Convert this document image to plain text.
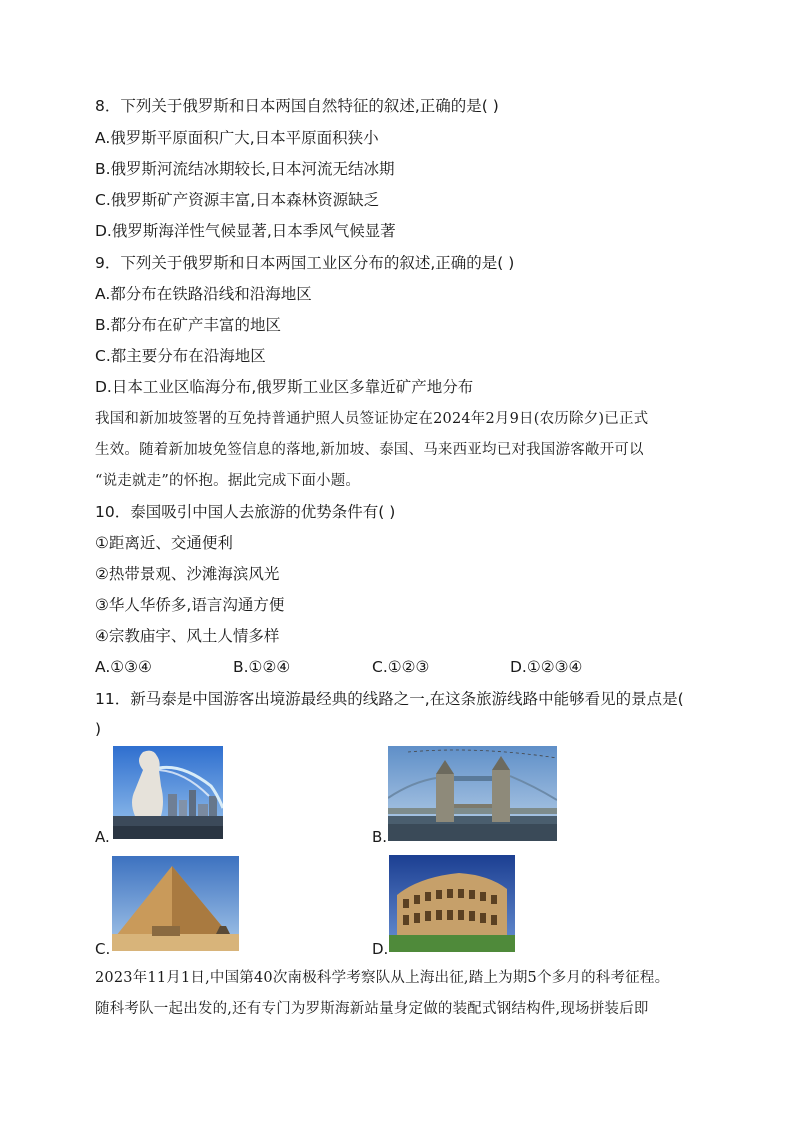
8．下列关于俄罗斯和日本两国自然特征的叙述,正确的是( )
A.俄罗斯平原面积广大,日本平原面积狭小
B.俄罗斯河流结冰期较长,日本河流无结冰期
C.俄罗斯矿产资源丰富,日本森林资源缺乏
D.俄罗斯海洋性气候显著,日本季风气候显著
9．下列关于俄罗斯和日本两国工业区分布的叙述,正确的是( )
A.都分布在铁路沿线和沿海地区
B.都分布在矿产丰富的地区
C.都主要分布在沿海地区
D.日本工业区临海分布,俄罗斯工业区多靠近矿产地分布
我国和新加坡签署的互免持普通护照人员签证协定在2024年2月9日(农历除夕)已正式
生效。随着新加坡免签信息的落地,新加坡、泰国、马来西亚均已对我国游客敞开可以
“说走就走”的怀抱。据此完成下面小题。
10．泰国吸引中国人去旅游的优势条件有( )
①距离近、交通便利
②热带景观、沙滩海滨风光
③华人华侨多,语言沟通方便
④宗教庙宇、风土人情多样
A.①③④	B.①②④	C.①②③	D.①②③④
11．新马泰是中国游客出境游最经典的线路之一,在这条旅游线路中能够看见的景点是(
)
A.	B.
C.	D.
2023年11月1日,中国第40次南极科学考察队从上海出征,踏上为期5个多月的科考征程。
随科考队一起出发的,还有专门为罗斯海新站量身定做的装配式钢结构件,现场拼装后即
